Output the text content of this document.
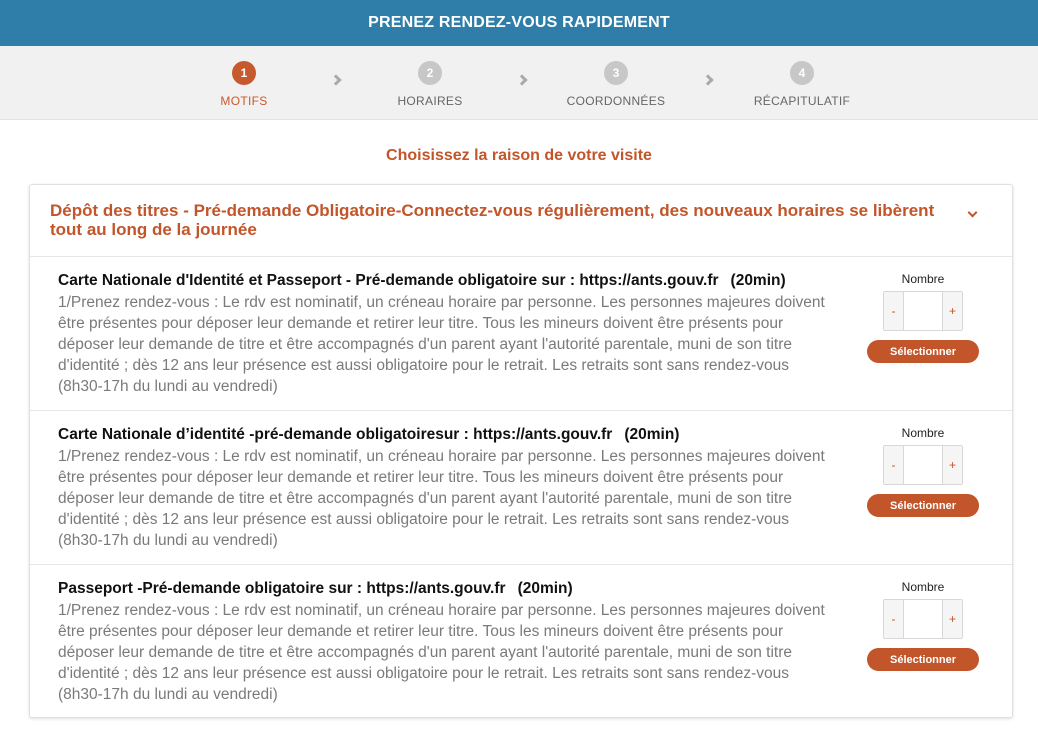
PRENEZ RENDEZ-VOUS RAPIDEMENT
1
MOTIFS
2
HORAIRES
3
COORDONNÉES
4
RÉCAPITULATIF
Choisissez la raison de votre visite
Dépôt des titres - Pré-demande Obligatoire-Connectez-vous régulièrement, des nouveaux horaires se libèrent tout au long de la journée
Carte Nationale d'Identité et Passeport - Pré-demande obligatoire sur : https://ants.gouv.fr (20min)
1/Prenez rendez-vous : Le rdv est nominatif, un créneau horaire par personne. Les personnes majeures doivent être présentes pour déposer leur demande et retirer leur titre. Tous les mineurs doivent être présents pour déposer leur demande de titre et être accompagnés d'un parent ayant l'autorité parentale, muni de son titre d'identité ; dès 12 ans leur présence est aussi obligatoire pour le retrait. Les retraits sont sans rendez-vous (8h30-17h du lundi au vendredi)
Nombre
-	+
Sélectionner
Carte Nationale d’identité -pré-demande obligatoiresur : https://ants.gouv.fr (20min)
1/Prenez rendez-vous : Le rdv est nominatif, un créneau horaire par personne. Les personnes majeures doivent être présentes pour déposer leur demande et retirer leur titre. Tous les mineurs doivent être présents pour déposer leur demande de titre et être accompagnés d'un parent ayant l'autorité parentale, muni de son titre d'identité ; dès 12 ans leur présence est aussi obligatoire pour le retrait. Les retraits sont sans rendez-vous (8h30-17h du lundi au vendredi)
Nombre
-	+
Sélectionner
Passeport -Pré-demande obligatoire sur : https://ants.gouv.fr (20min)
1/Prenez rendez-vous : Le rdv est nominatif, un créneau horaire par personne. Les personnes majeures doivent être présentes pour déposer leur demande et retirer leur titre. Tous les mineurs doivent être présents pour déposer leur demande de titre et être accompagnés d'un parent ayant l'autorité parentale, muni de son titre d'identité ; dès 12 ans leur présence est aussi obligatoire pour le retrait. Les retraits sont sans rendez-vous (8h30-17h du lundi au vendredi)
Nombre
-	+
Sélectionner
